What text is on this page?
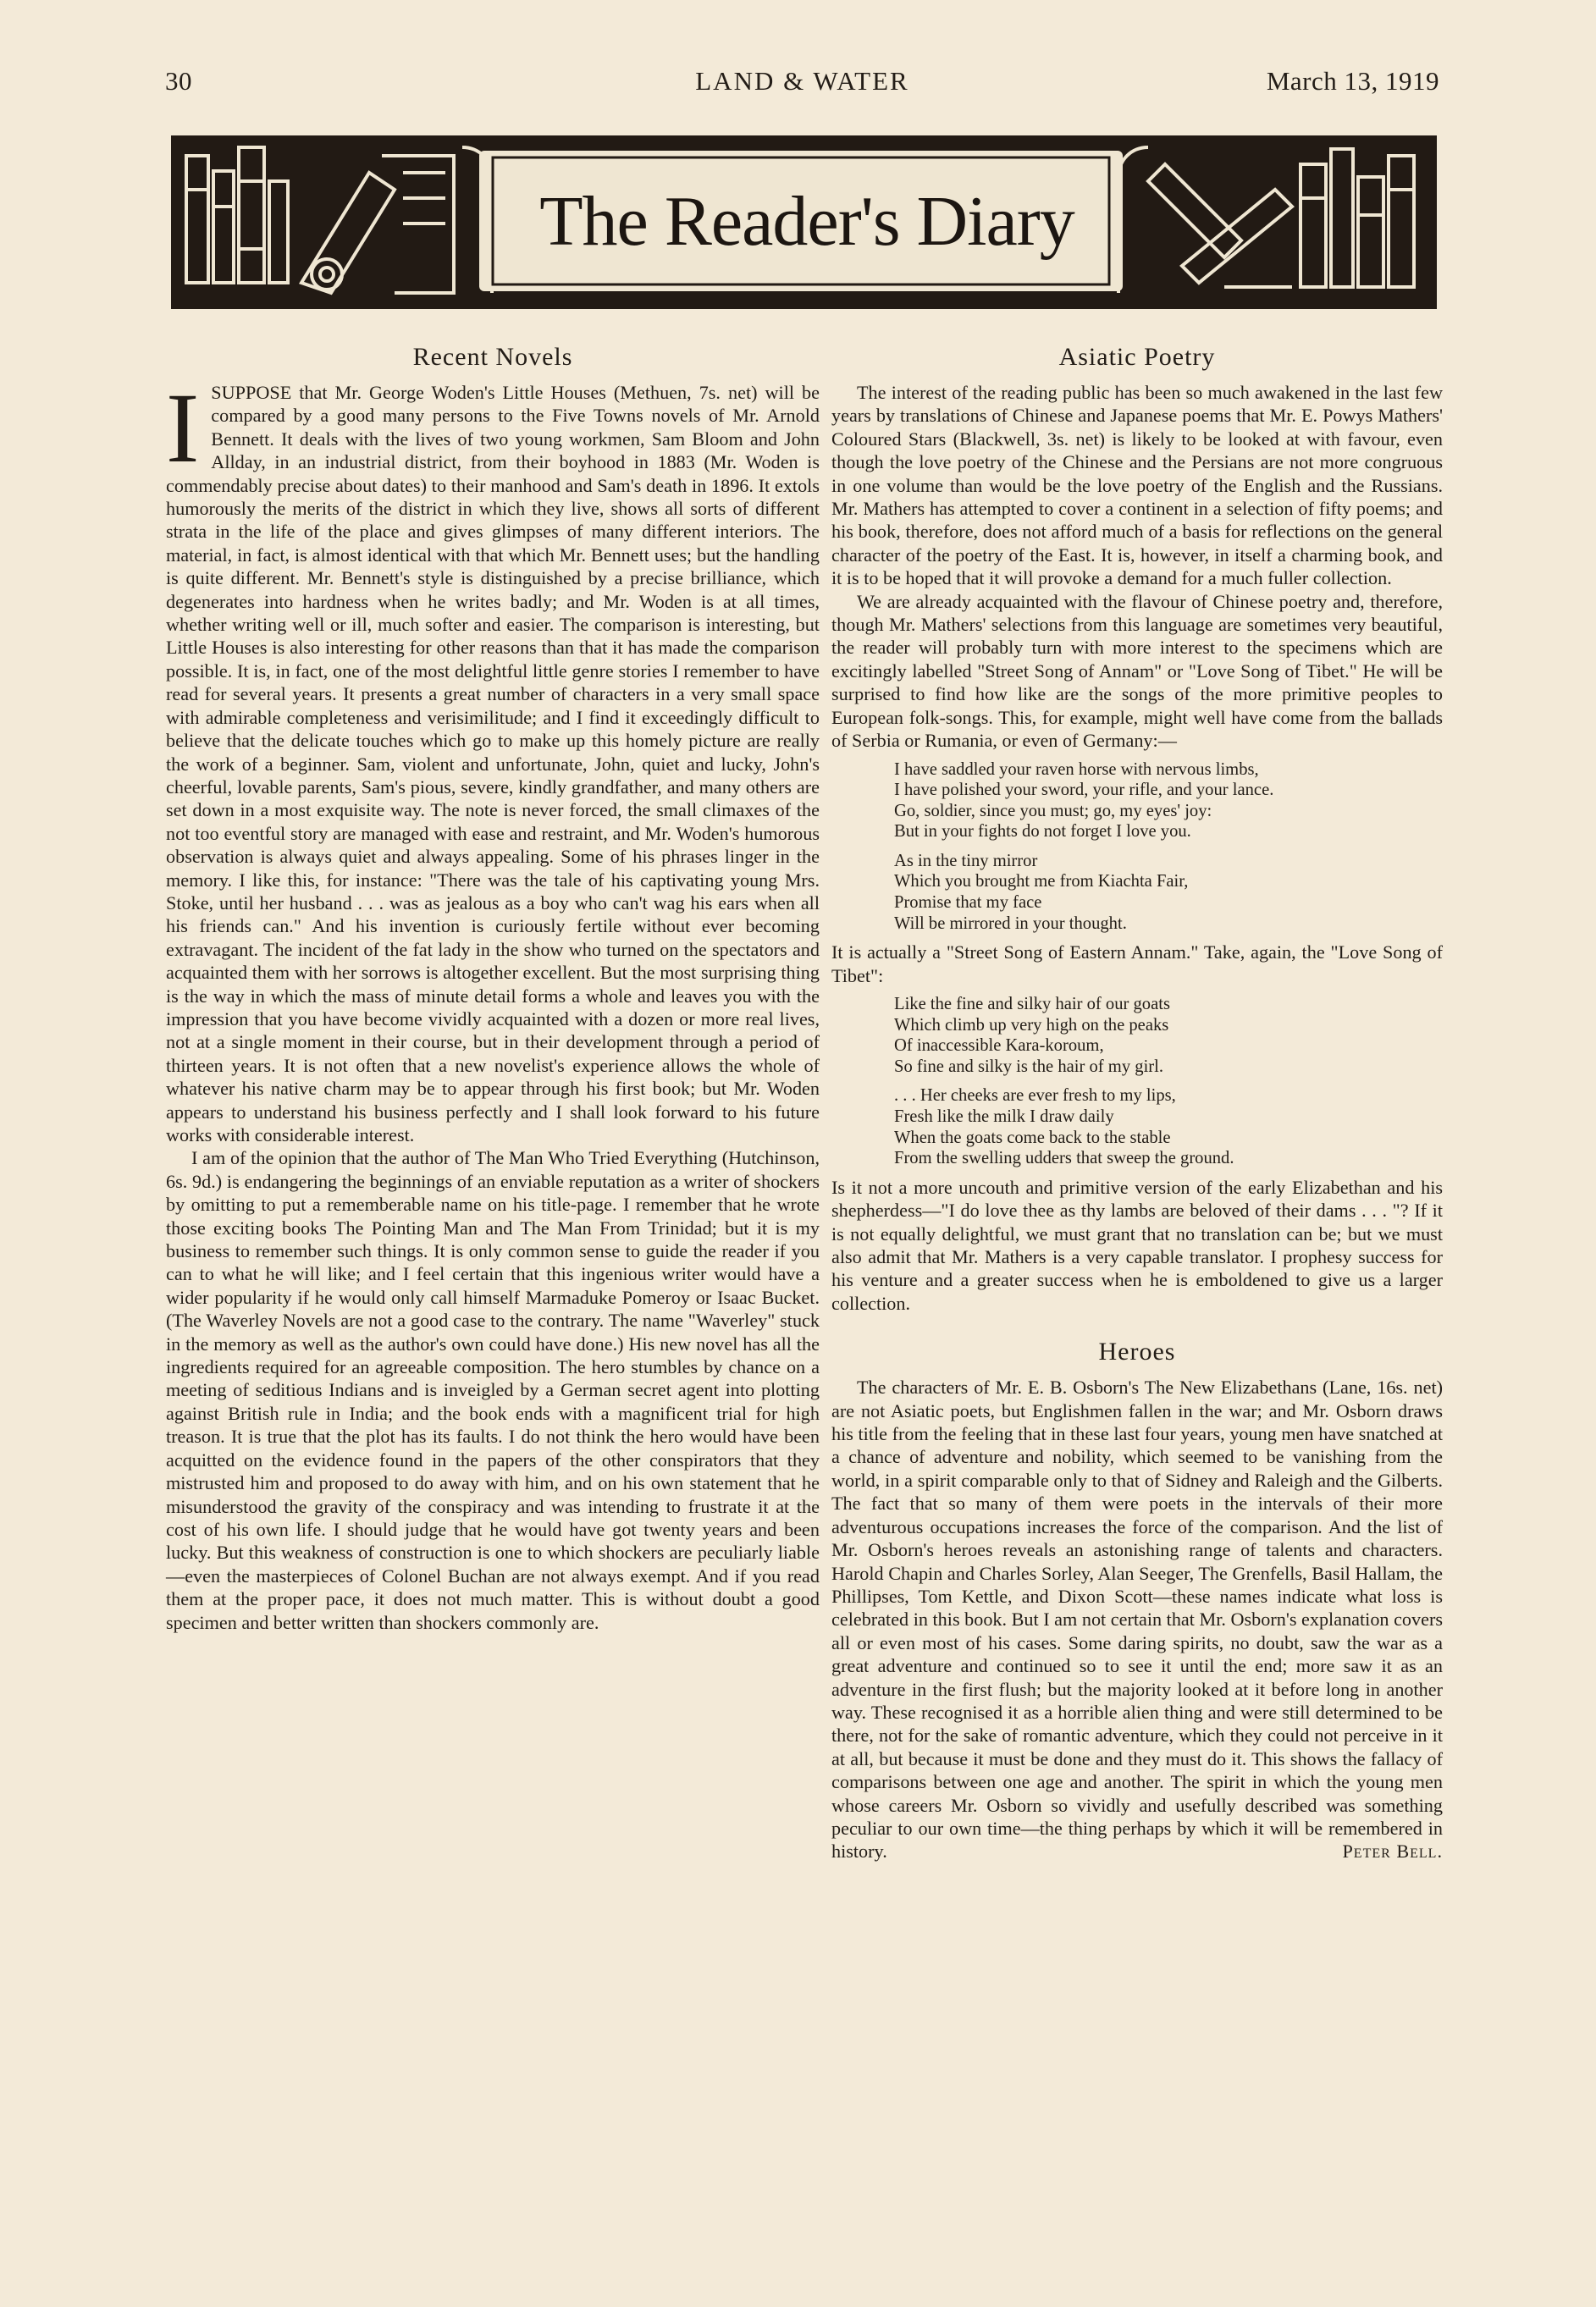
30	LAND & WATER	March 13, 1919
The Reader's Diary
Recent Novels

ISUPPOSE that Mr. George Woden's Little Houses (Methuen, 7s. net) will be compared by a good many persons to the Five Towns novels of Mr. Arnold Bennett. It deals with the lives of two young workmen, Sam Bloom and John Allday, in an industrial district, from their boyhood in 1883 (Mr. Woden is commendably precise about dates) to their manhood and Sam's death in 1896. It extols humorously the merits of the district in which they live, shows all sorts of different strata in the life of the place and gives glimpses of many different interiors. The material, in fact, is almost identical with that which Mr. Bennett uses; but the handling is quite different. Mr. Bennett's style is distinguished by a precise brilliance, which degenerates into hardness when he writes badly; and Mr. Woden is at all times, whether writing well or ill, much softer and easier. The comparison is interesting, but Little Houses is also interesting for other reasons than that it has made the comparison possible. It is, in fact, one of the most delightful little genre stories I remember to have read for several years. It presents a great number of characters in a very small space with admirable completeness and verisimilitude; and I find it exceedingly difficult to believe that the delicate touches which go to make up this homely picture are really the work of a beginner. Sam, violent and unfortunate, John, quiet and lucky, John's cheerful, lovable parents, Sam's pious, severe, kindly grandfather, and many others are set down in a most exquisite way. The note is never forced, the small climaxes of the not too eventful story are managed with ease and restraint, and Mr. Woden's humorous observation is always quiet and always appealing. Some of his phrases linger in the memory. I like this, for instance: "There was the tale of his captivating young Mrs. Stoke, until her husband . . . was as jealous as a boy who can't wag his ears when all his friends can." And his invention is curiously fertile without ever becoming extravagant. The incident of the fat lady in the show who turned on the spectators and acquainted them with her sorrows is altogether excellent. But the most surprising thing is the way in which the mass of minute detail forms a whole and leaves you with the impression that you have become vividly acquainted with a dozen or more real lives, not at a single moment in their course, but in their development through a period of thirteen years. It is not often that a new novelist's experience allows the whole of whatever his native charm may be to appear through his first book; but Mr. Woden appears to understand his business perfectly and I shall look forward to his future works with considerable interest.

I am of the opinion that the author of The Man Who Tried Everything (Hutchinson, 6s. 9d.) is endangering the beginnings of an enviable reputation as a writer of shockers by omitting to put a rememberable name on his title-page. I remember that he wrote those exciting books The Pointing Man and The Man From Trinidad; but it is my business to remember such things. It is only common sense to guide the reader if you can to what he will like; and I feel certain that this ingenious writer would have a wider popularity if he would only call himself Marmaduke Pomeroy or Isaac Bucket. (The Waverley Novels are not a good case to the contrary. The name "Waverley" stuck in the memory as well as the author's own could have done.) His new novel has all the ingredients required for an agreeable composition. The hero stumbles by chance on a meeting of seditious Indians and is inveigled by a German secret agent into plotting against British rule in India; and the book ends with a magnificent trial for high treason. It is true that the plot has its faults. I do not think the hero would have been acquitted on the evidence found in the papers of the other conspirators that they mistrusted him and proposed to do away with him, and on his own statement that he misunderstood the gravity of the conspiracy and was intending to frustrate it at the cost of his own life. I should judge that he would have got twenty years and been lucky. But this weakness of construction is one to which shockers are peculiarly liable—even the masterpieces of Colonel Buchan are not always exempt. And if you read them at the proper pace, it does not much matter. This is without doubt a good specimen and better written than shockers commonly are.

Asiatic Poetry

The interest of the reading public has been so much awakened in the last few years by translations of Chinese and Japanese poems that Mr. E. Powys Mathers' Coloured Stars (Blackwell, 3s. net) is likely to be looked at with favour, even though the love poetry of the Chinese and the Persians are not more congruous in one volume than would be the love poetry of the English and the Russians. Mr. Mathers has attempted to cover a continent in a selection of fifty poems; and his book, therefore, does not afford much of a basis for reflections on the general character of the poetry of the East. It is, however, in itself a charming book, and it is to be hoped that it will provoke a demand for a much fuller collection.

We are already acquainted with the flavour of Chinese poetry and, therefore, though Mr. Mathers' selections from this language are sometimes very beautiful, the reader will probably turn with more interest to the specimens which are excitingly labelled "Street Song of Annam" or "Love Song of Tibet." He will be surprised to find how like are the songs of the more primitive peoples to European folk-songs. This, for example, might well have come from the ballads of Serbia or Rumania, or even of Germany:—

I have saddled your raven horse with nervous limbs,
I have polished your sword, your rifle, and your lance.
Go, soldier, since you must; go, my eyes' joy:
But in your fights do not forget I love you.
As in the tiny mirror
Which you brought me from Kiachta Fair,
Promise that my face
Will be mirrored in your thought.

It is actually a "Street Song of Eastern Annam." Take, again, the "Love Song of Tibet":

Like the fine and silky hair of our goats
Which climb up very high on the peaks
Of inaccessible Kara-koroum,
So fine and silky is the hair of my girl.
. . . Her cheeks are ever fresh to my lips,
Fresh like the milk I draw daily
When the goats come back to the stable
From the swelling udders that sweep the ground.

Is it not a more uncouth and primitive version of the early Elizabethan and his shepherdess—"I do love thee as thy lambs are beloved of their dams . . . "? If it is not equally delightful, we must grant that no translation can be; but we must also admit that Mr. Mathers is a very capable translator. I prophesy success for his venture and a greater success when he is emboldened to give us a larger collection.

Heroes

The characters of Mr. E. B. Osborn's The New Elizabethans (Lane, 16s. net) are not Asiatic poets, but Englishmen fallen in the war; and Mr. Osborn draws his title from the feeling that in these last four years, young men have snatched at a chance of adventure and nobility, which seemed to be vanishing from the world, in a spirit comparable only to that of Sidney and Raleigh and the Gilberts. The fact that so many of them were poets in the intervals of their more adventurous occupations increases the force of the comparison. And the list of Mr. Osborn's heroes reveals an astonishing range of talents and characters. Harold Chapin and Charles Sorley, Alan Seeger, The Grenfells, Basil Hallam, the Phillipses, Tom Kettle, and Dixon Scott—these names indicate what loss is celebrated in this book. But I am not certain that Mr. Osborn's explanation covers all or even most of his cases. Some daring spirits, no doubt, saw the war as a great adventure and continued so to see it until the end; more saw it as an adventure in the first flush; but the majority looked at it before long in another way. These recognised it as a horrible alien thing and were still determined to be there, not for the sake of romantic adventure, which they could not perceive in it at all, but because it must be done and they must do it. This shows the fallacy of comparisons between one age and another. The spirit in which the young men whose careers Mr. Osborn so vividly and usefully described was something peculiar to our own time—the thing perhaps by which it will be remembered in history.	Peter Bell.
